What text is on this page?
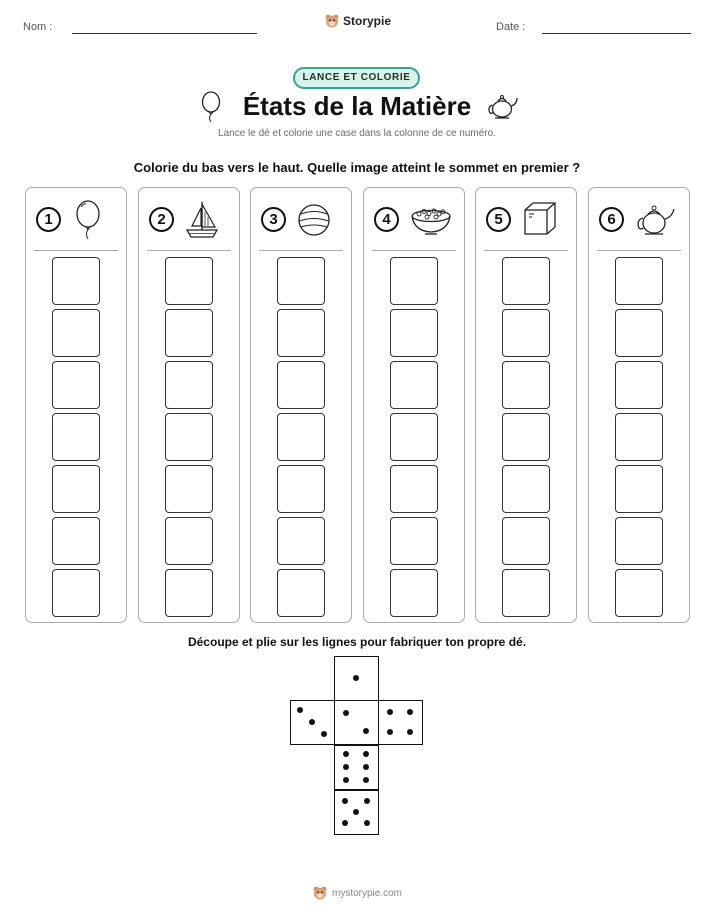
Nom :	Storypie	Date :
LANCE ET COLORIE
États de la Matière
Lance le dé et colorie une case dans la colonne de ce numéro.
Colorie du bas vers le haut. Quelle image atteint le sommet en premier ?
1	2	3	4	5	6
Découpe et plie sur les lignes pour fabriquer ton propre dé.
mystorypie.com
